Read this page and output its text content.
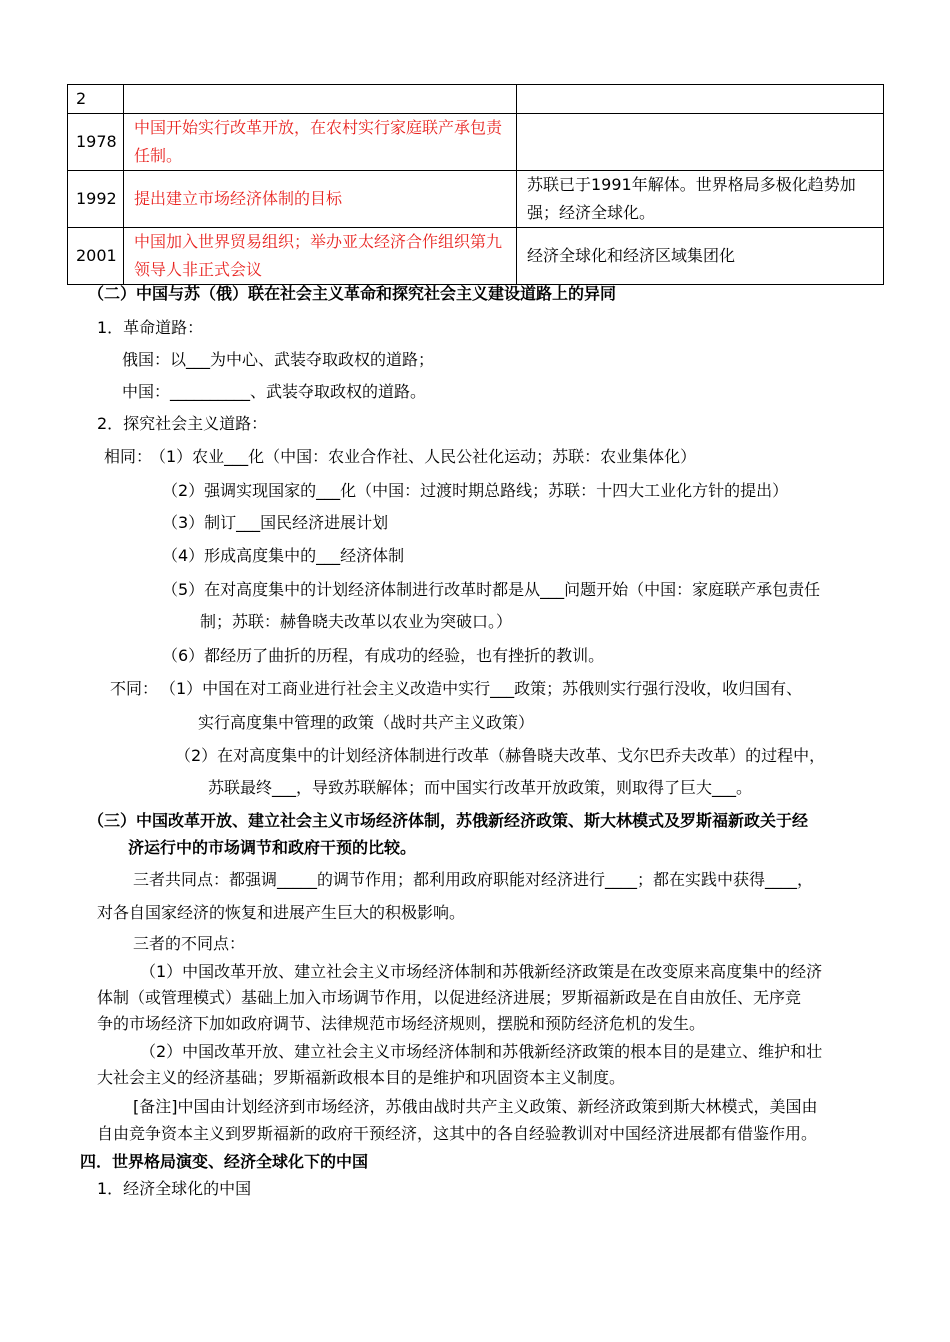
2		
1978	中国开始实行改革开放，在农村实行家庭联产承包责任制。	
1992	提出建立市场经济体制的目标	苏联已于1991年解体。世界格局多极化趋势加强；经济全球化。
2001	中国加入世界贸易组织；举办亚太经济合作组织第九领导人非正式会议	经济全球化和经济区域集团化
（二）中国与苏（俄）联在社会主义革命和探究社会主义建设道路上的异同
1．革命道路：
俄国：以___为中心、武装夺取政权的道路；
中国：__________、武装夺取政权的道路。
2．探究社会主义道路：
相同：
（1）农业___化（中国：农业合作社、人民公社化运动；苏联：农业集体化）
（2）强调实现国家的___化（中国：过渡时期总路线；苏联：十四大工业化方针的提出）
（3）制订___国民经济进展计划
（4）形成高度集中的___经济体制
（5）在对高度集中的计划经济体制进行改革时都是从___问题开始（中国：家庭联产承包责任
制；苏联：赫鲁晓夫改革以农业为突破口。）
（6）都经历了曲折的历程，有成功的经验，也有挫折的教训。
不同： （1）中国在对工商业进行社会主义改造中实行___政策；苏俄则实行强行没收，收归国有、
实行高度集中管理的政策（战时共产主义政策）
（2）在对高度集中的计划经济体制进行改革（赫鲁晓夫改革、戈尔巴乔夫改革）的过程中，
苏联最终___，导致苏联解体；而中国实行改革开放政策，则取得了巨大___。
（三）中国改革开放、建立社会主义市场经济体制，苏俄新经济政策、斯大林模式及罗斯福新政关于经
济运行中的市场调节和政府干预的比较。
三者共同点：都强调_____的调节作用；都利用政府职能对经济进行____；都在实践中获得____，
对各自国家经济的恢复和进展产生巨大的积极影响。
三者的不同点：
（1）中国改革开放、建立社会主义市场经济体制和苏俄新经济政策是在改变原来高度集中的经济
体制（或管理模式）基础上加入市场调节作用，以促进经济进展；罗斯福新政是在自由放任、无序竞
争的市场经济下加如政府调节、法律规范市场经济规则，摆脱和预防经济危机的发生。
（2）中国改革开放、建立社会主义市场经济体制和苏俄新经济政策的根本目的是建立、维护和壮
大社会主义的经济基础；罗斯福新政根本目的是维护和巩固资本主义制度。
[备注]中国由计划经济到市场经济，苏俄由战时共产主义政策、新经济政策到斯大林模式，美国由
自由竞争资本主义到罗斯福新的政府干预经济，这其中的各自经验教训对中国经济进展都有借鉴作用。
四．世界格局演变、经济全球化下的中国
1．经济全球化的中国
